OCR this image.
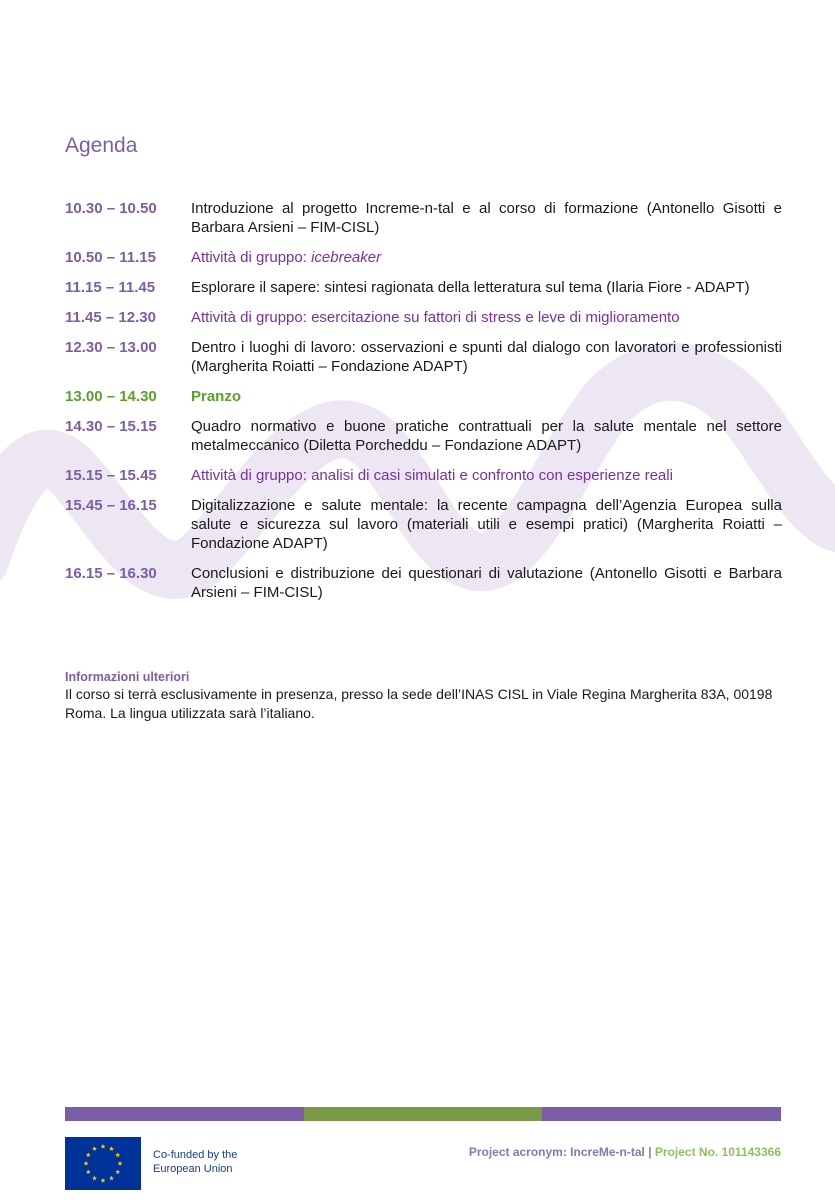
Agenda
10.30 – 10.50	Introduzione al progetto Increme-n-tal e al corso di formazione (Antonello Gisotti e Barbara Arsieni – FIM-CISL)
10.50 – 11.15	Attività di gruppo: icebreaker
11.15 – 11.45	Esplorare il sapere: sintesi ragionata della letteratura sul tema (Ilaria Fiore - ADAPT)
11.45 – 12.30	Attività di gruppo: esercitazione su fattori di stress e leve di miglioramento
12.30 – 13.00	Dentro i luoghi di lavoro: osservazioni e spunti dal dialogo con lavoratori e professionisti (Margherita Roiatti – Fondazione ADAPT)
13.00 – 14.30	Pranzo
14.30 – 15.15	Quadro normativo e buone pratiche contrattuali per la salute mentale nel settore metalmeccanico (Diletta Porcheddu – Fondazione ADAPT)
15.15 – 15.45	Attività di gruppo: analisi di casi simulati e confronto con esperienze reali
15.45 – 16.15	Digitalizzazione e salute mentale: la recente campagna dell’Agenzia Europea sulla salute e sicurezza sul lavoro (materiali utili e esempi pratici) (Margherita Roiatti – Fondazione ADAPT)
16.15 – 16.30	Conclusioni e distribuzione dei questionari di valutazione (Antonello Gisotti e Barbara Arsieni – FIM-CISL)
Informazioni ulteriori
Il corso si terrà esclusivamente in presenza, presso la sede dell’INAS CISL in Viale Regina Margherita 83A, 00198 Roma. La lingua utilizzata sarà l’italiano.
Co-funded by the
European Union
Project acronym: IncreMe-n-tal | Project No. 101143366
